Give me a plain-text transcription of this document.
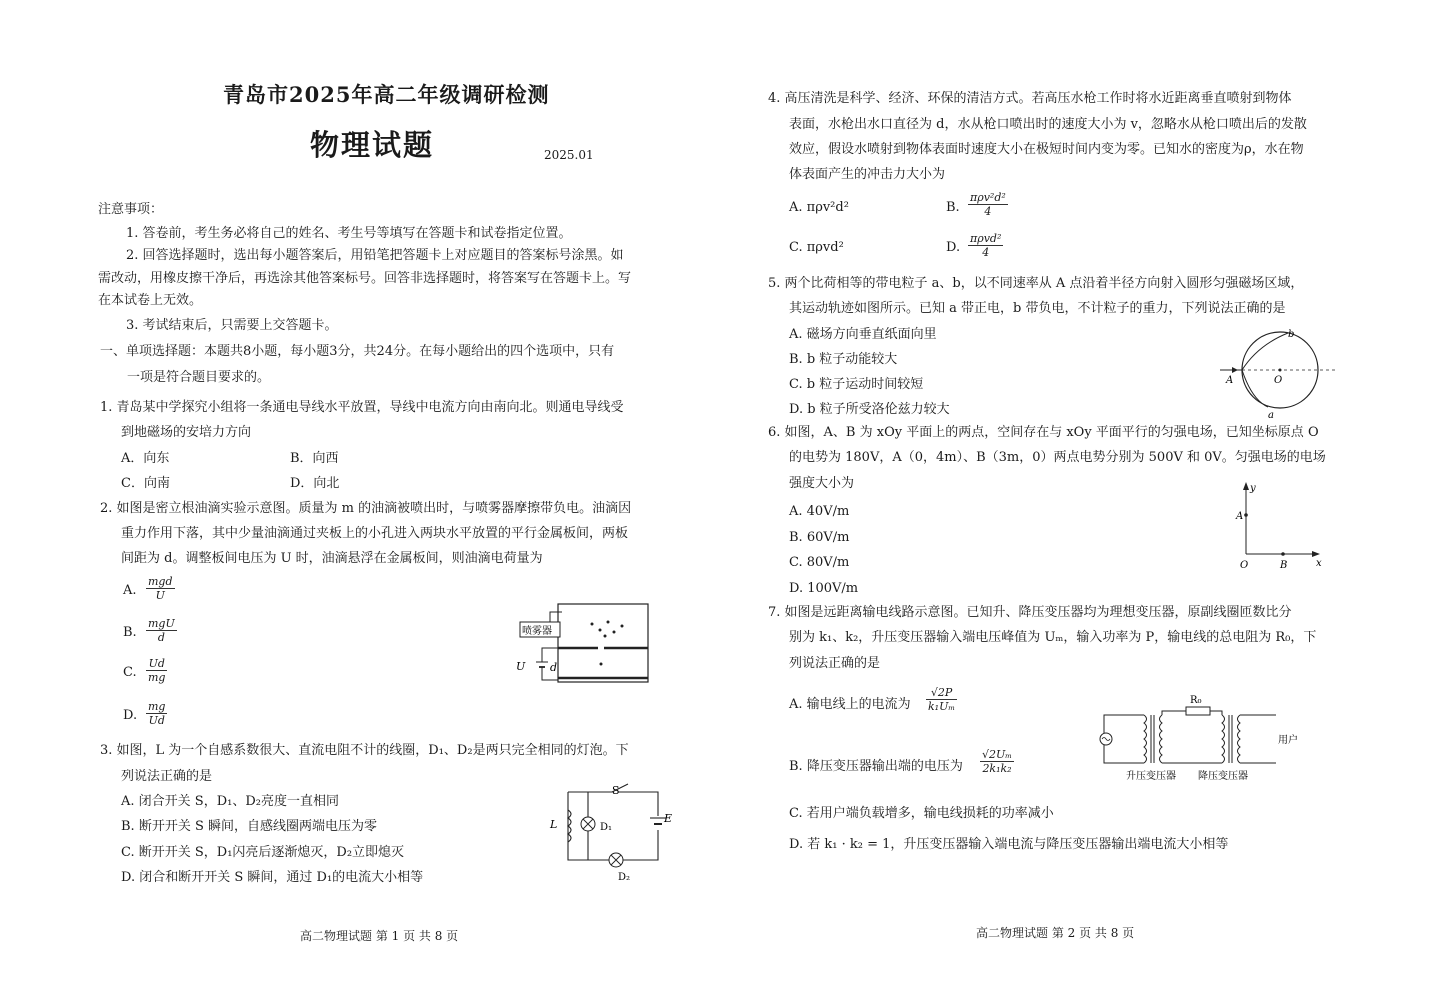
青岛市2025年高二年级调研检测
物理试题	2025.01
注意事项：
1. 答卷前，考生务必将自己的姓名、考生号等填写在答题卡和试卷指定位置。
2. 回答选择题时，选出每小题答案后，用铅笔把答题卡上对应题目的答案标号涂黑。如
需改动，用橡皮擦干净后，再选涂其他答案标号。回答非选择题时，将答案写在答题卡上。写
在本试卷上无效。
3. 考试结束后，只需要上交答题卡。
一、单项选择题：本题共8小题，每小题3分，共24分。在每小题给出的四个选项中，只有
一项是符合题目要求的。
1. 青岛某中学探究小组将一条通电导线水平放置，导线中电流方向由南向北。则通电导线受
到地磁场的安培力方向
A．向东	B．向西
C．向南	D．向北
2. 如图是密立根油滴实验示意图。质量为 m 的油滴被喷出时，与喷雾器摩擦带负电。油滴因
重力作用下落，其中少量油滴通过夹板上的小孔进入两块水平放置的平行金属板间，两板
间距为 d。调整板间电压为 U 时，油滴悬浮在金属板间，则油滴电荷量为
A.
mgd
U
B.
mgU
d
C. $\frac{Ud}{mg}$
D. $\frac{mg}{Ud}$
喷雾器
U d
3. 如图，L 为一个自感系数很大、直流电阻不计的线圈，D₁、D₂是两只完全相同的灯泡。下
列说法正确的是
A. 闭合开关 S，D₁、D₂亮度一直相同
B. 断开开关 S 瞬间，自感线圈两端电压为零
C. 断开开关 S，D₁闪亮后逐渐熄灭，D₂立即熄灭
D. 闭合和断开开关 S 瞬间，通过 D₁的电流大小相等
S
L	D₁
D₂
E
高二物理试题 第 1 页 共 8 页
4. 高压清洗是科学、经济、环保的清洁方式。若高压水枪工作时将水近距离垂直喷射到物体
表面，水枪出水口直径为 d，水从枪口喷出时的速度大小为 v，忽略水从枪口喷出后的发散
效应，假设水喷射到物体表面时速度大小在极短时间内变为零。已知水的密度为ρ，水在物
体表面产生的冲击力大小为
A. πρv²d²	B.
πρv²d²
4
C. πρvd²	D.
πρvd²
4
5. 两个比荷相等的带电粒子 a、b，以不同速率从 A 点沿着半径方向射入圆形匀强磁场区域，
其运动轨迹如图所示。已知 a 带正电，b 带负电，不计粒子的重力，下列说法正确的是
A. 磁场方向垂直纸面向里
B. b 粒子动能较大
C. b 粒子运动时间较短
D. b 粒子所受洛伦兹力较大
A	O
a
b
6. 如图，A、B 为 xOy 平面上的两点，空间存在与 xOy 平面平行的匀强电场，已知坐标原点 O
的电势为 180V，A（0，4m）、B（3m，0）两点电势分别为 500V 和 0V。匀强电场的电场
强度大小为
A. 40V/m
B. 60V/m
C. 80V/m
D. 100V/m
y
x
A
B
O
7. 如图是远距离输电线路示意图。已知升、降压变压器均为理想变压器，原副线圈匝数比分
别为 k₁、k₂，升压变压器输入端电压峰值为 Uₘ，输入功率为 P，输电线的总电阻为 R₀，下
列说法正确的是
A. 输电线上的电流为 $\frac{√2P}{\text{k₁Uₘ}}$
B. 降压变压器输出端的电压为 $\frac{\text{√2Uₘ}}{\text{2k₁k₂}}$
C. 若用户端负载增多，输电线损耗的功率减小
D. 若 k₁ · k₂ = 1，升压变压器输入端电流与降压变压器输出端电流大小相等
R₀
用户
升压变压器 降压变压器
高二物理试题 第 2 页 共 8 页
